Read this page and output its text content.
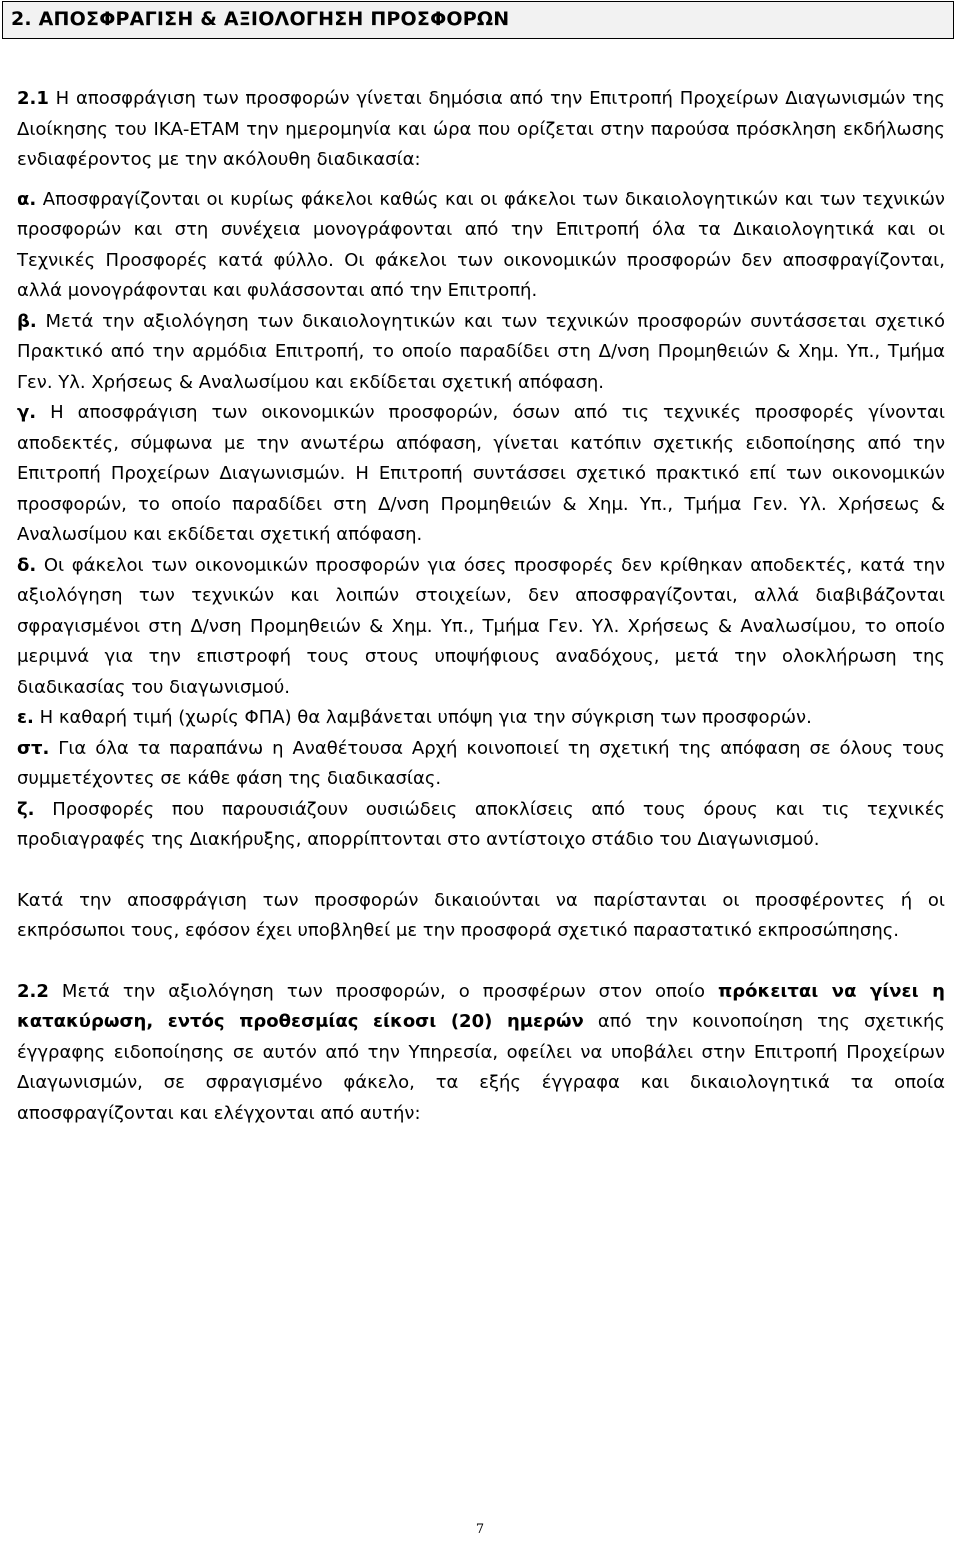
2. ΑΠΟΣΦΡΑΓΙΣΗ & ΑΞΙΟΛΟΓΗΣΗ ΠΡΟΣΦΟΡΩΝ

2.1 Η αποσφράγιση των προσφορών γίνεται δημόσια από την Επιτροπή Προχείρων Διαγωνισμών της Διοίκησης του ΙΚΑ-ΕΤΑΜ την ημερομηνία και ώρα που ορίζεται στην παρούσα πρόσκληση εκδήλωσης ενδιαφέροντος με την ακόλουθη διαδικασία:

α. Αποσφραγίζονται οι κυρίως φάκελοι καθώς και οι φάκελοι των δικαιολογητικών και των τεχνικών προσφορών και στη συνέχεια μονογράφονται από την Επιτροπή όλα τα Δικαιολογητικά και οι Τεχνικές Προσφορές κατά φύλλο. Οι φάκελοι των οικονομικών προσφορών δεν αποσφραγίζονται, αλλά μονογράφονται και φυλάσσονται από την Επιτροπή.

β. Μετά την αξιολόγηση των δικαιολογητικών και των τεχνικών προσφορών συντάσσεται σχετικό Πρακτικό από την αρμόδια Επιτροπή, το οποίο παραδίδει στη Δ/νση Προμηθειών & Χημ. Υπ., Τμήμα Γεν. Υλ. Χρήσεως & Αναλωσίμου και εκδίδεται σχετική απόφαση.

γ. Η αποσφράγιση των οικονομικών προσφορών, όσων από τις τεχνικές προσφορές γίνονται αποδεκτές, σύμφωνα με την ανωτέρω απόφαση, γίνεται κατόπιν σχετικής ειδοποίησης από την Επιτροπή Προχείρων Διαγωνισμών. Η Επιτροπή συντάσσει σχετικό πρακτικό επί των οικονομικών προσφορών, το οποίο παραδίδει στη Δ/νση Προμηθειών & Χημ. Υπ., Τμήμα Γεν. Υλ. Χρήσεως & Αναλωσίμου και εκδίδεται σχετική απόφαση.

δ. Οι φάκελοι των οικονομικών προσφορών για όσες προσφορές δεν κρίθηκαν αποδεκτές, κατά την αξιολόγηση των τεχνικών και λοιπών στοιχείων, δεν αποσφραγίζονται, αλλά διαβιβάζονται σφραγισμένοι στη Δ/νση Προμηθειών & Χημ. Υπ., Τμήμα Γεν. Υλ. Χρήσεως & Αναλωσίμου, το οποίο μεριμνά για την επιστροφή τους στους υποψήφιους αναδόχους, μετά την ολοκλήρωση της διαδικασίας του διαγωνισμού.

ε. Η καθαρή τιμή (χωρίς ΦΠΑ) θα λαμβάνεται υπόψη για την σύγκριση των προσφορών.

στ. Για όλα τα παραπάνω η Αναθέτουσα Αρχή κοινοποιεί τη σχετική της απόφαση σε όλους τους συμμετέχοντες σε κάθε φάση της διαδικασίας.

ζ. Προσφορές που παρουσιάζουν ουσιώδεις αποκλίσεις από τους όρους και τις τεχνικές προδιαγραφές της Διακήρυξης, απορρίπτονται στο αντίστοιχο στάδιο του Διαγωνισμού.

Κατά την αποσφράγιση των προσφορών δικαιούνται να παρίστανται οι προσφέροντες ή οι εκπρόσωποι τους, εφόσον έχει υποβληθεί με την προσφορά σχετικό παραστατικό εκπροσώπησης.

2.2 Μετά την αξιολόγηση των προσφορών, ο προσφέρων στον οποίο πρόκειται να γίνει η κατακύρωση, εντός προθεσμίας είκοσι (20) ημερών από την κοινοποίηση της σχετικής έγγραφης ειδοποίησης σε αυτόν από την Υπηρεσία, οφείλει να υποβάλει στην Επιτροπή Προχείρων Διαγωνισμών, σε σφραγισμένο φάκελο, τα εξής έγγραφα και δικαιολογητικά τα οποία αποσφραγίζονται και ελέγχονται από αυτήν:

7
